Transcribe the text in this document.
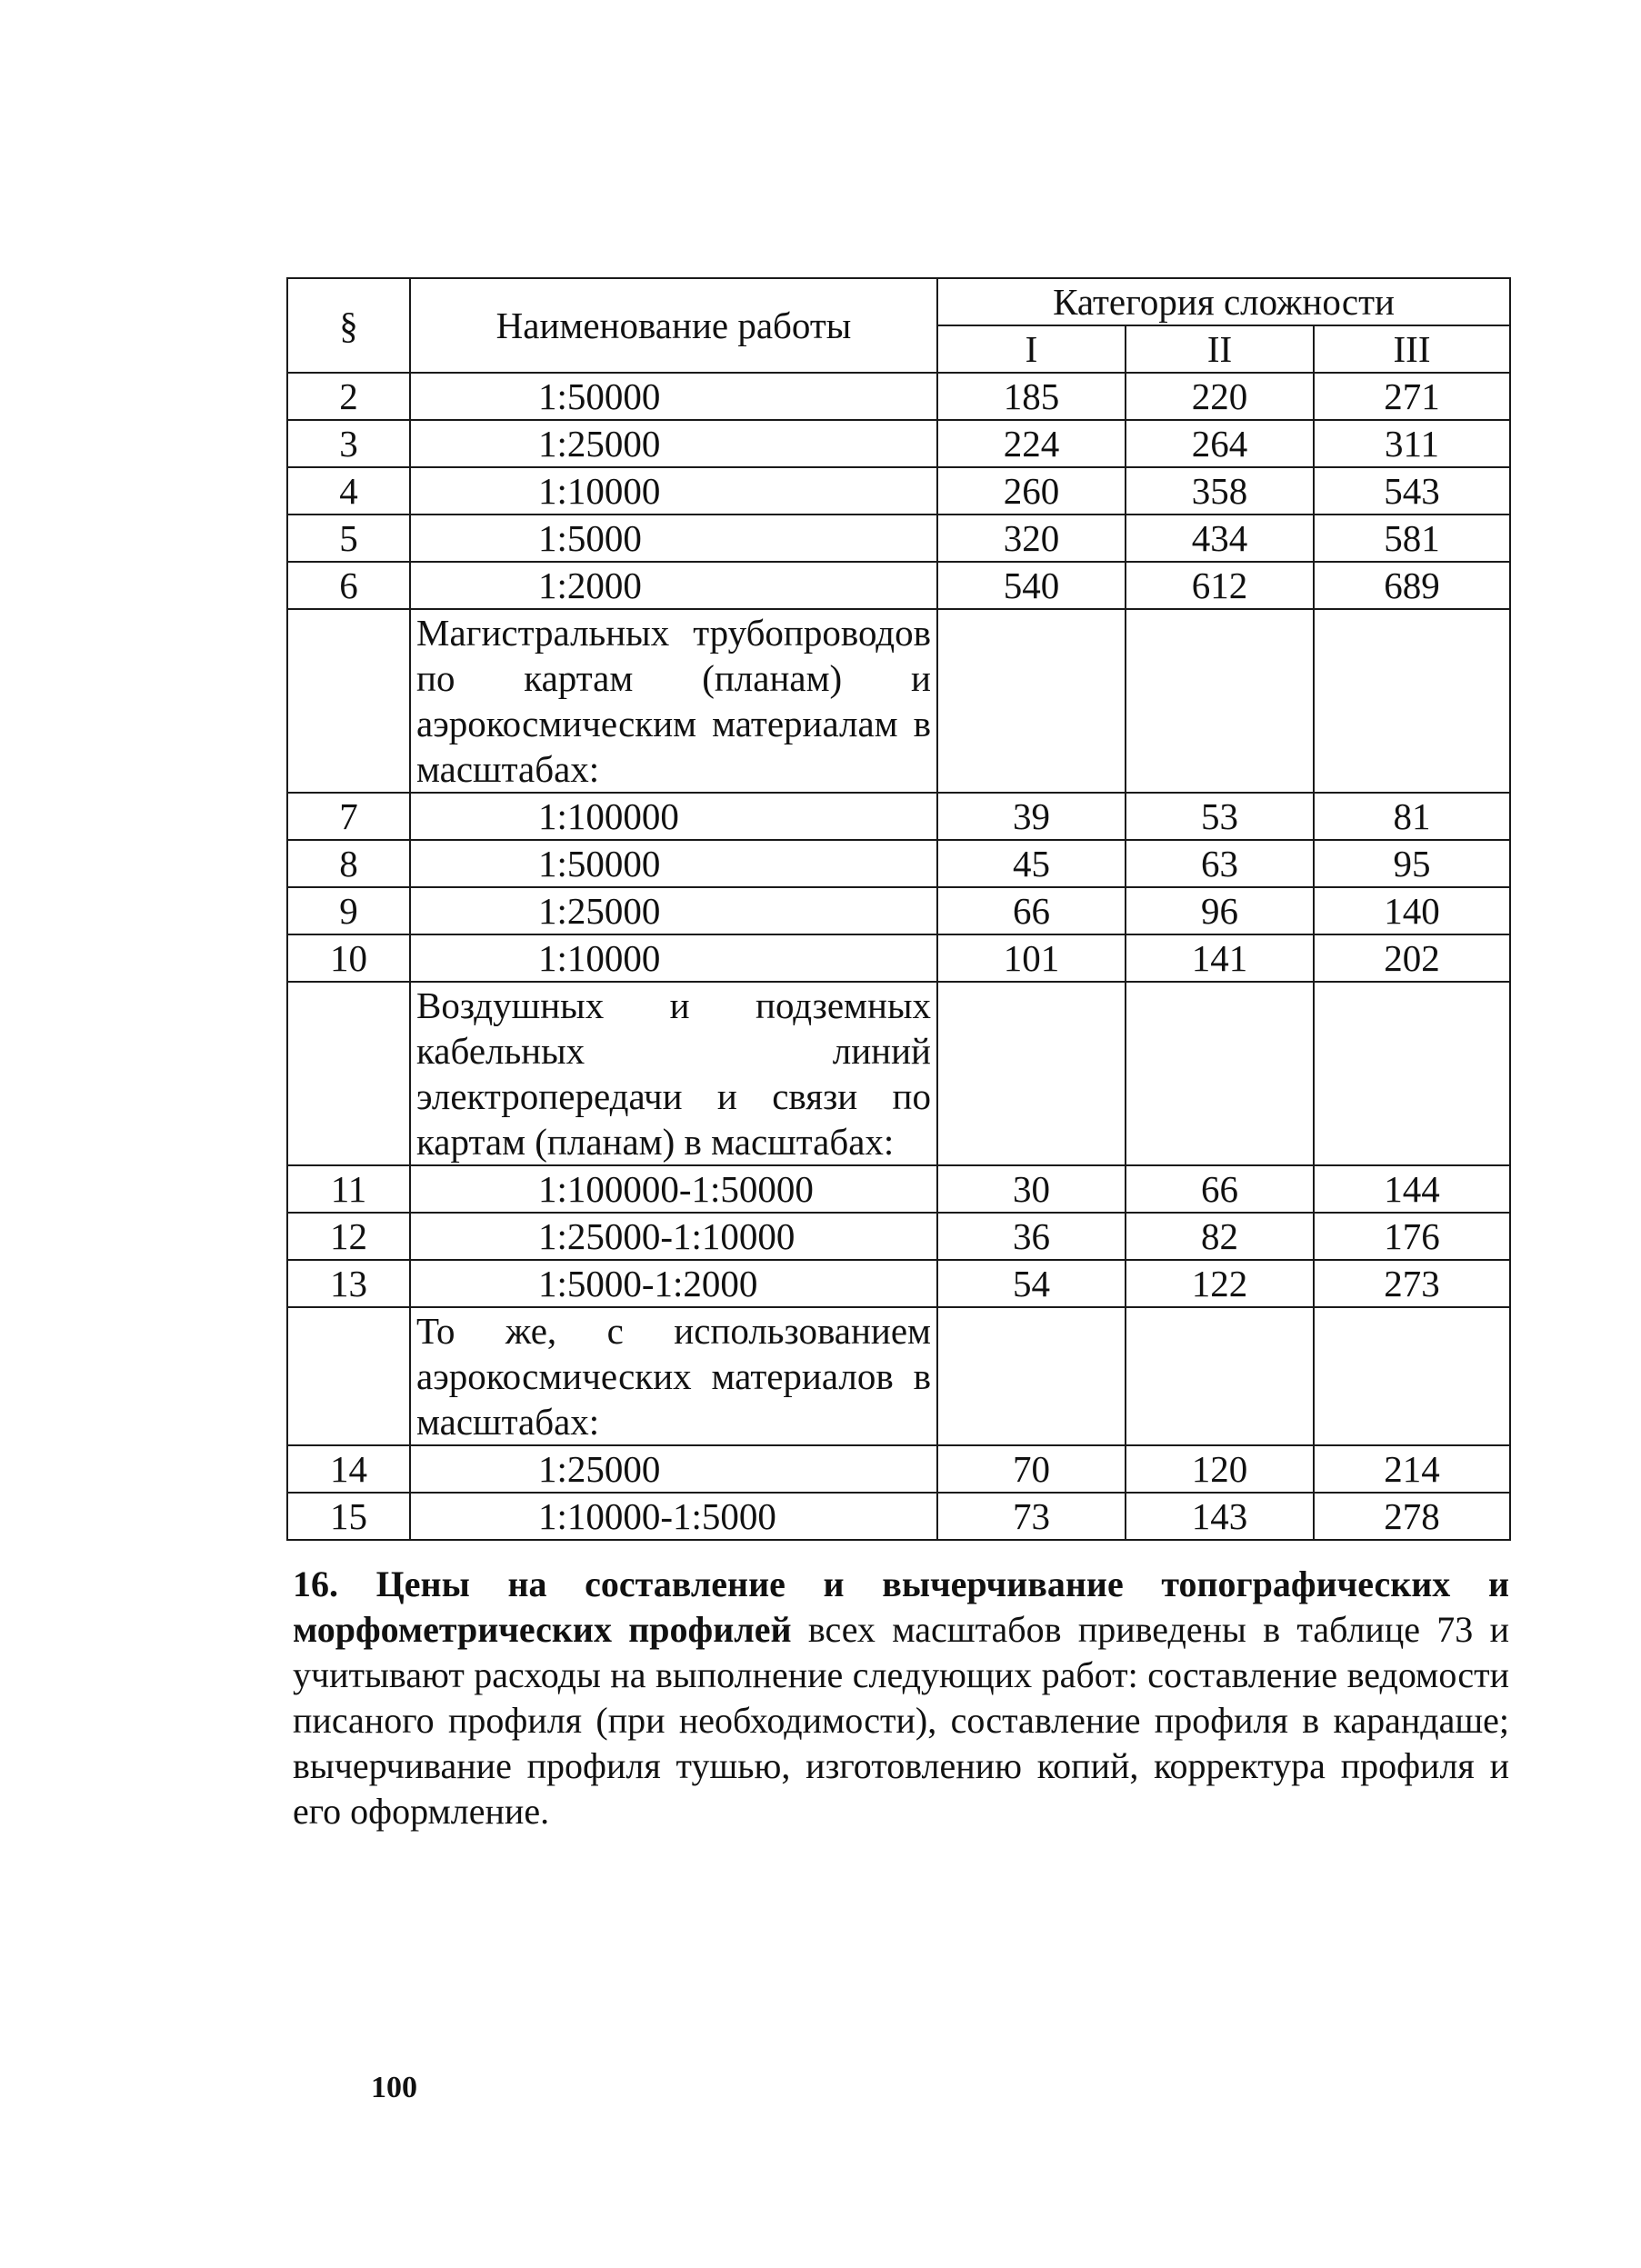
§	Наименование работы	Категория сложности		
		I	II	III
2	1:50000	185	220	271
3	1:25000	224	264	311
4	1:10000	260	358	543
5	1:5000	320	434	581
6	1:2000	540	612	689

	Магистральных трубопроводов по картам (планам) и аэрокосмическим материалам в масштабах:			

7	1:100000	39	53	81
8	1:50000	45	63	95
9	1:25000	66	96	140
10	1:10000	101	141	202

	Воздушных и подземных кабельных линий электропередачи и связи по картам (планам) в масштабах:			

11	1:100000-1:50000	30	66	144
12	1:25000-1:10000	36	82	176
13	1:5000-1:2000	54	122	273

	То же, с использованием аэрокосмических материалов в масштабах:			

14	1:25000	70	120	214
15	1:10000-1:5000	73	143	278

16. Цены на составление и вычерчивание топографических и морфометрических профилей всех масштабов приведены в таблице 73 и учитывают расходы на выполнение следующих работ: составление ведомости писаного профиля (при необходимости), составление профиля в карандаше; вычерчивание профиля тушью, изготовлению копий, корректура профиля и его оформление.

100
